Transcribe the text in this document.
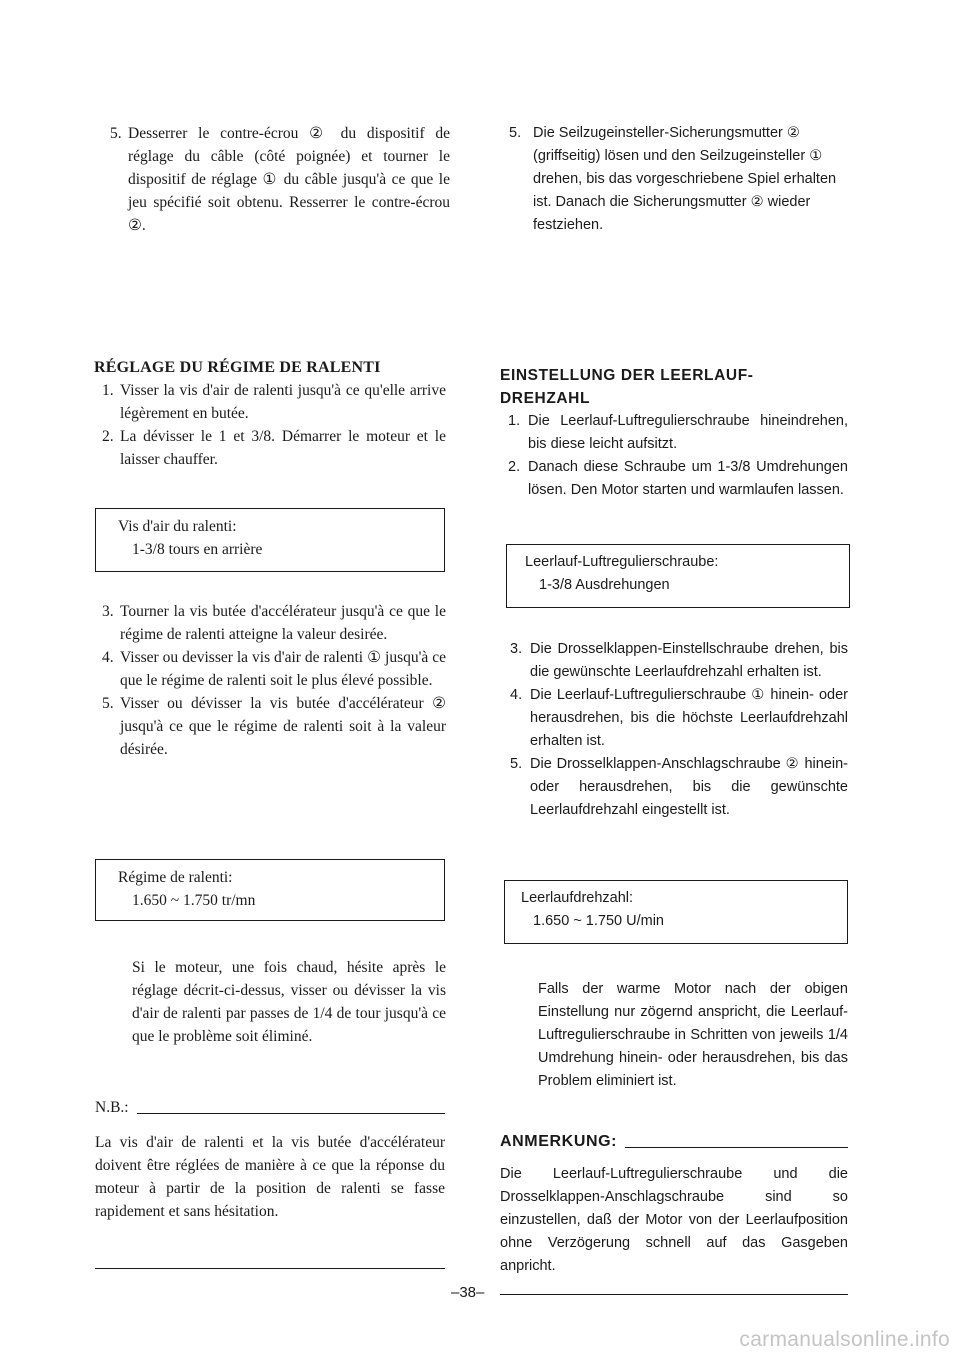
5. Desserrer le contre-écrou ② du dispositif de réglage du câble (côté poignée) et tourner le dispositif de réglage ① du câble jusqu'à ce que le jeu spécifié soit obtenu. Resserrer le contre-écrou ②.
RÉGLAGE DU RÉGIME DE RALENTI
1. Visser la vis d'air de ralenti jusqu'à ce qu'elle arrive légèrement en butée.
2. La dévisser le 1 et 3/8. Démarrer le moteur et le laisser chauffer.
Vis d'air du ralenti:
1-3/8 tours en arrière
3. Tourner la vis butée d'accélérateur jusqu'à ce que le régime de ralenti atteigne la valeur desirée.
4. Visser ou devisser la vis d'air de ralenti ① jusqu'à ce que le régime de ralenti soit le plus élevé possible.
5. Visser ou dévisser la vis butée d'accélérateur ② jusqu'à ce que le régime de ralenti soit à la valeur désirée.
Régime de ralenti:
1.650 ~ 1.750 tr/mn
Si le moteur, une fois chaud, hésite après le réglage décrit-ci-dessus, visser ou dévisser la vis d'air de ralenti par passes de 1/4 de tour jusqu'à ce que le problème soit éliminé.
N.B.:
La vis d'air de ralenti et la vis butée d'accélérateur doivent être réglées de manière à ce que la réponse du moteur à partir de la position de ralenti se fasse rapidement et sans hésitation.
5. Die Seilzugeinsteller-Sicherungsmutter ② (griffseitig) lösen und den Seilzugeinsteller ① drehen, bis das vorgeschriebene Spiel erhalten ist. Danach die Sicherungsmutter ② wieder festziehen.
EINSTELLUNG DER LEERLAUF-DREHZAHL
1. Die Leerlauf-Luftregulierschraube hineindrehen, bis diese leicht aufsitzt.
2. Danach diese Schraube um 1-3/8 Umdrehungen lösen. Den Motor starten und warmlaufen lassen.
Leerlauf-Luftregulierschraube:
1-3/8 Ausdrehungen
3. Die Drosselklappen-Einstellschraube drehen, bis die gewünschte Leerlaufdrehzahl erhalten ist.
4. Die Leerlauf-Luftregulierschraube ① hinein- oder herausdrehen, bis die höchste Leerlaufdrehzahl erhalten ist.
5. Die Drosselklappen-Anschlagschraube ② hinein-oder herausdrehen, bis die gewünschte Leerlaufdrehzahl eingestellt ist.
Leerlaufdrehzahl:
1.650 ~ 1.750 U/min
Falls der warme Motor nach der obigen Einstellung nur zögernd anspricht, die Leerlauf-Luftregulierschraube in Schritten von jeweils 1/4 Umdrehung hinein- oder herausdrehen, bis das Problem eliminiert ist.
ANMERKUNG:
Die Leerlauf-Luftregulierschraube und die Drosselklappen-Anschlagschraube sind so einzustellen, daß der Motor von der Leerlaufposition ohne Verzögerung schnell auf das Gasgeben anpricht.
–38–
carmanualsonline.info
